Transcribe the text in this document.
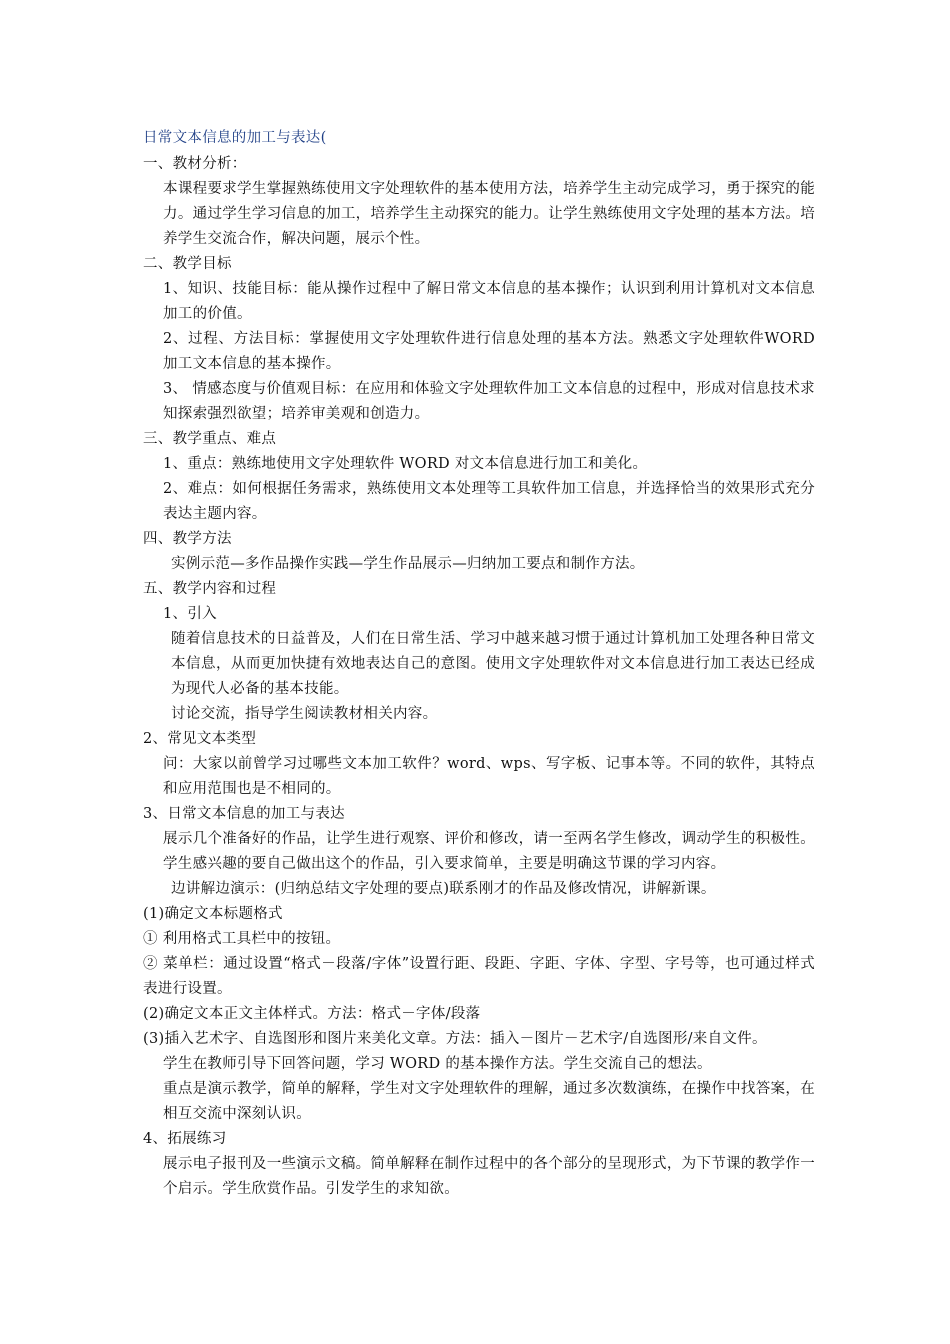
日常文本信息的加工与表达(

一、教材分析：

本课程要求学生掌握熟练使用文字处理软件的基本使用方法，培养学生主动完成学习，勇于探究的能力。通过学生学习信息的加工，培养学生主动探究的能力。让学生熟练使用文字处理的基本方法。培养学生交流合作，解决问题，展示个性。

二、教学目标

1、知识、技能目标：能从操作过程中了解日常文本信息的基本操作；认识到利用计算机对文本信息加工的价值。

2、过程、方法目标：掌握使用文字处理软件进行信息处理的基本方法。熟悉文字处理软件WORD 加工文本信息的基本操作。

3、 情感态度与价值观目标：在应用和体验文字处理软件加工文本信息的过程中，形成对信息技术求知探索强烈欲望；培养审美观和创造力。

三、教学重点、难点

1、重点：熟练地使用文字处理软件 WORD 对文本信息进行加工和美化。

2、难点：如何根据任务需求，熟练使用文本处理等工具软件加工信息，并选择恰当的效果形式充分表达主题内容。

四、教学方法

实例示范—多作品操作实践—学生作品展示—归纳加工要点和制作方法。

五、教学内容和过程

1、引入

随着信息技术的日益普及，人们在日常生活、学习中越来越习惯于通过计算机加工处理各种日常文本信息，从而更加快捷有效地表达自己的意图。使用文字处理软件对文本信息进行加工表达已经成为现代人必备的基本技能。

讨论交流，指导学生阅读教材相关内容。

2、常见文本类型

问：大家以前曾学习过哪些文本加工软件？word、wps、写字板、记事本等。不同的软件，其特点和应用范围也是不相同的。

3、日常文本信息的加工与表达

展示几个准备好的作品，让学生进行观察、评价和修改，请一至两名学生修改，调动学生的积极性。学生感兴趣的要自己做出这个的作品，引入要求简单，主要是明确这节课的学习内容。

边讲解边演示：(归纳总结文字处理的要点)联系刚才的作品及修改情况，讲解新课。

(1)确定文本标题格式

① 利用格式工具栏中的按钮。

② 菜单栏：通过设置“格式－段落/字体”设置行距、段距、字距、字体、字型、字号等，也可通过样式表进行设置。

(2)确定文本正文主体样式。方法：格式－字体/段落

(3)插入艺术字、自选图形和图片来美化文章。方法：插入－图片－艺术字/自选图形/来自文件。

学生在教师引导下回答问题，学习 WORD 的基本操作方法。学生交流自己的想法。

重点是演示教学，简单的解释，学生对文字处理软件的理解，通过多次数演练，在操作中找答案，在相互交流中深刻认识。

4、拓展练习

展示电子报刊及一些演示文稿。简单解释在制作过程中的各个部分的呈现形式，为下节课的教学作一个启示。学生欣赏作品。引发学生的求知欲。
